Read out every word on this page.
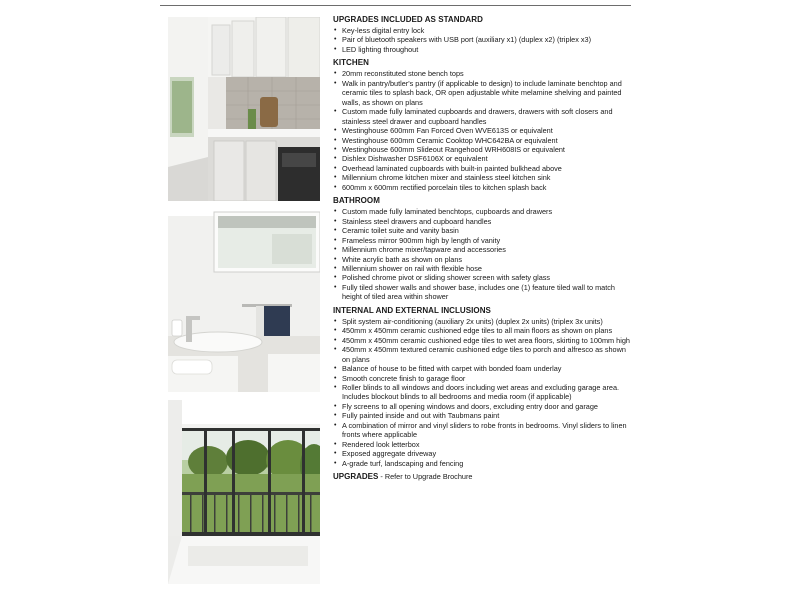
UPGRADES INCLUDED AS STANDARD
• Key-less digital entry lock
• Pair of bluetooth speakers with USB port (auxiliary x1) (duplex x2) (triplex x3)
• LED lighting throughout
KITCHEN
• 20mm reconstituted stone bench tops
• Walk in pantry/butler's pantry (if applicable to design) to include laminate benchtop and ceramic tiles to splash back, OR open adjustable white melamine shelving and painted walls, as shown on plans
• Custom made fully laminated cupboards and drawers, drawers with soft closers and stainless steel drawer and cupboard handles
• Westinghouse 600mm Fan Forced Oven WVE613S or equivalent
• Westinghouse 600mm Ceramic Cooktop WHC642BA or equivalent
• Westinghouse 600mm Slideout Rangehood WRH608IS or equivalent
• Dishlex Dishwasher DSF6106X or equivalent
• Overhead laminated cupboards with built-in painted bulkhead above
• Millennium chrome kitchen mixer and stainless steel kitchen sink
• 600mm x 600mm rectified porcelain tiles to kitchen splash back
BATHROOM
• Custom made fully laminated benchtops, cupboards and drawers
• Stainless steel drawers and cupboard handles
• Ceramic toilet suite and vanity basin
• Frameless mirror 900mm high by length of vanity
• Millennium chrome mixer/tapware and accessories
• White acrylic bath as shown on plans
• Millennium shower on rail with flexible hose
• Polished chrome pivot or sliding shower screen with safety glass
• Fully tiled shower walls and shower base, includes one (1) feature tiled wall to match height of tiled area within shower
INTERNAL AND EXTERNAL INCLUSIONS
• Split system air-conditioning (auxiliary 2x units) (duplex 2x units) (triplex 3x units)
• 450mm x 450mm ceramic cushioned edge tiles to all main floors as shown on plans
• 450mm x 450mm ceramic cushioned edge tiles to wet area floors, skirting to 100mm high
• 450mm x 450mm textured ceramic cushioned edge tiles to porch and alfresco as shown on plans
• Balance of house to be fitted with carpet with bonded foam underlay
• Smooth concrete finish to garage floor
• Roller blinds to all windows and doors including wet areas and excluding garage area. Includes blockout blinds to all bedrooms and media room (if applicable)
• Fly screens to all opening windows and doors, excluding entry door and garage
• Fully painted inside and out with Taubmans paint
• A combination of mirror and vinyl sliders to robe fronts in bedrooms. Vinyl sliders to linen fronts where applicable
• Rendered look letterbox
• Exposed aggregate driveway
• A-grade turf, landscaping and fencing
UPGRADES - Refer to Upgrade Brochure
